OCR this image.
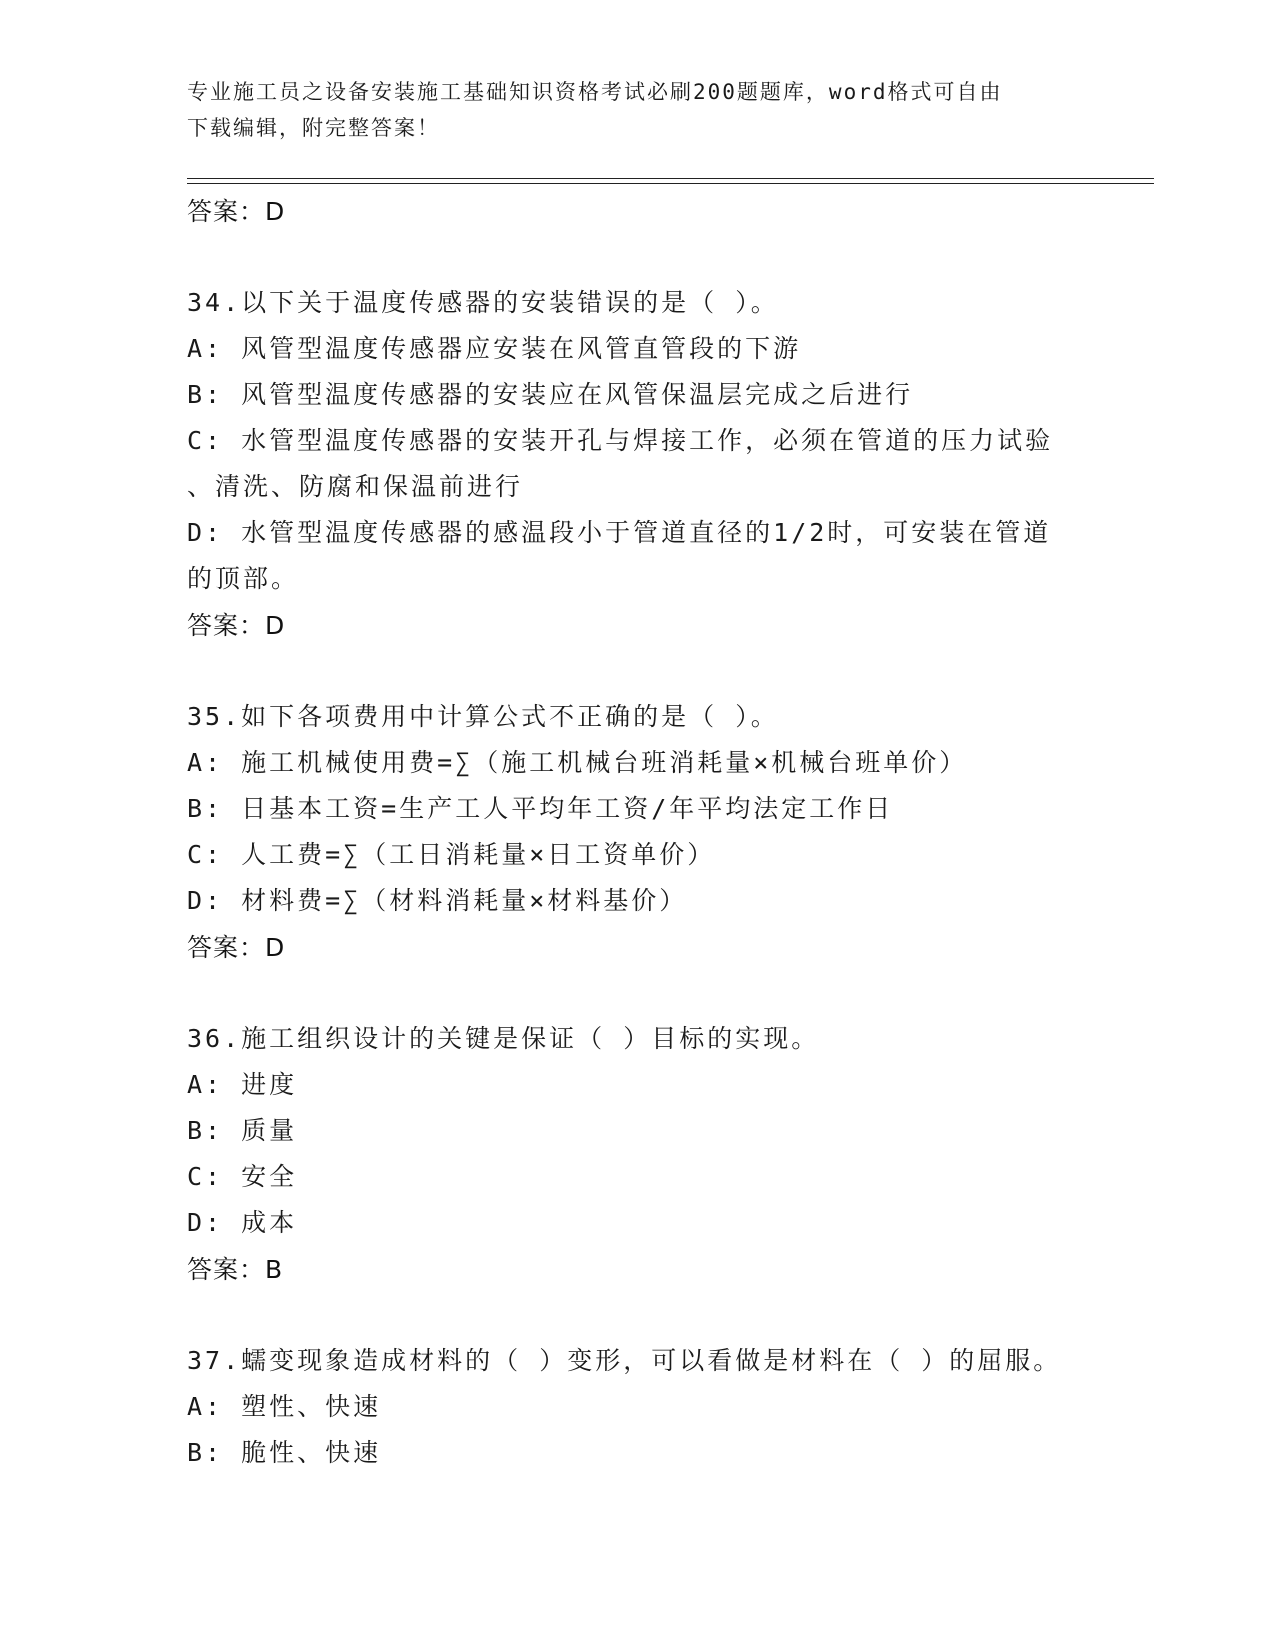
专业施工员之设备安装施工基础知识资格考试必刷200题题库，word格式可自由
下载编辑，附完整答案！
答案：D
34.以下关于温度传感器的安装错误的是（ ）。
A: 风管型温度传感器应安装在风管直管段的下游
B: 风管型温度传感器的安装应在风管保温层完成之后进行
C: 水管型温度传感器的安装开孔与焊接工作，必须在管道的压力试验
、清洗、防腐和保温前进行
D: 水管型温度传感器的感温段小于管道直径的1/2时，可安装在管道
的顶部。
答案：D
35.如下各项费用中计算公式不正确的是（ ）。
A: 施工机械使用费=∑（施工机械台班消耗量×机械台班单价）
B: 日基本工资=生产工人平均年工资/年平均法定工作日
C: 人工费=∑（工日消耗量×日工资单价）
D: 材料费=∑（材料消耗量×材料基价）
答案：D
36.施工组织设计的关键是保证（ ）目标的实现。
A: 进度
B: 质量
C: 安全
D: 成本
答案：B
37.蠕变现象造成材料的（ ）变形，可以看做是材料在（ ）的屈服。
A: 塑性、快速
B: 脆性、快速
